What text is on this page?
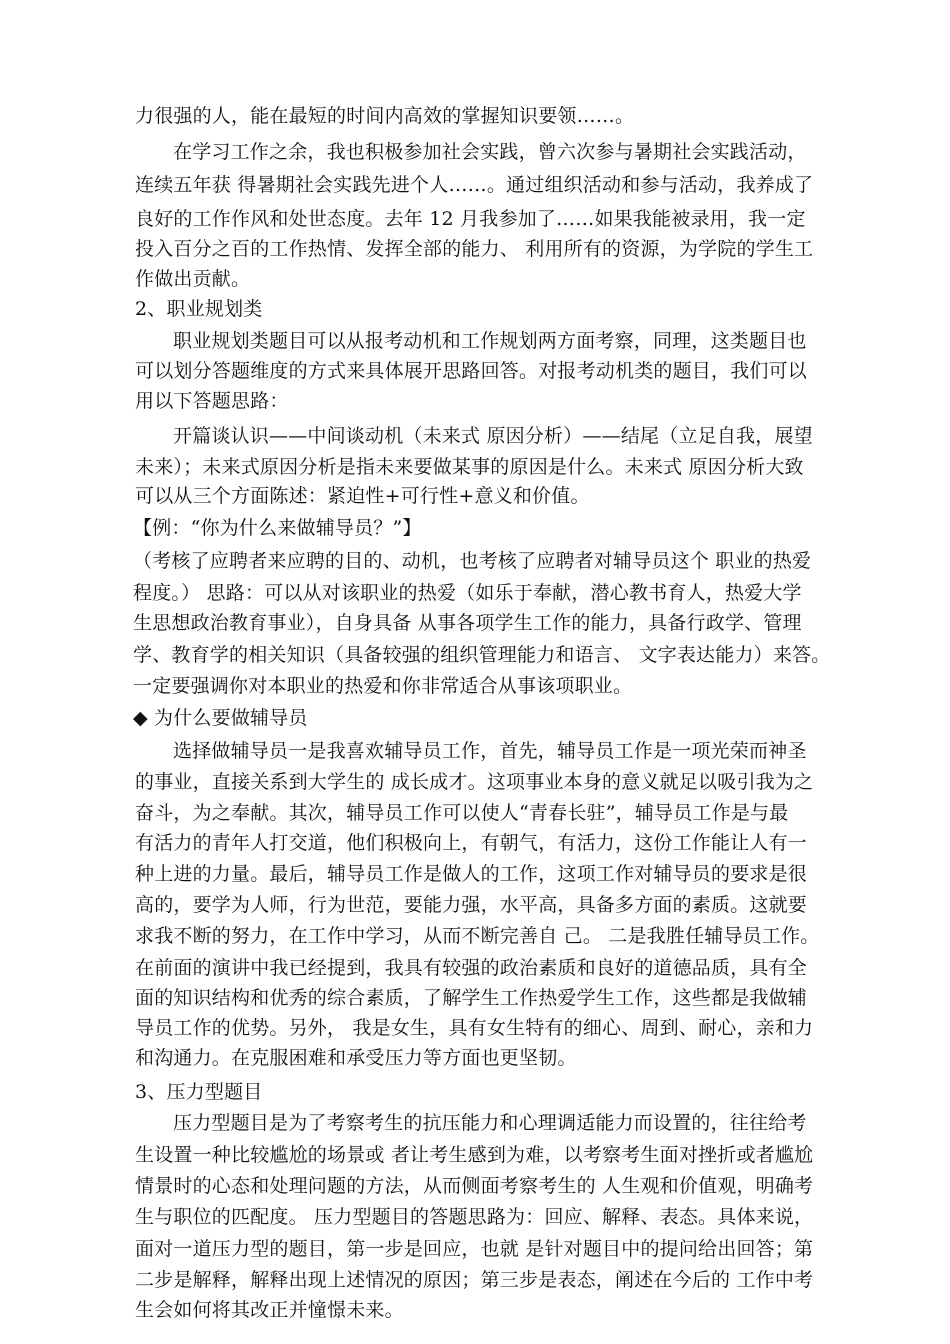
力很强的人，能在最短的时间内高效的掌握知识要领……。
在学习工作之余，我也积极参加社会实践，曾六次参与暑期社会实践活动，
连续五年获 得暑期社会实践先进个人……。通过组织活动和参与活动，我养成了
良好的工作作风和处世态度。去年 12 月我参加了……如果我能被录用，我一定
投入百分之百的工作热情、发挥全部的能力、 利用所有的资源，为学院的学生工
作做出贡献。
2、职业规划类
职业规划类题目可以从报考动机和工作规划两方面考察，同理，这类题目也
可以划分答题维度的方式来具体展开思路回答。对报考动机类的题目，我们可以
用以下答题思路：
开篇谈认识——中间谈动机（未来式 原因分析）——结尾（立足自我，展望
未来）；未来式原因分析是指未来要做某事的原因是什么。未来式 原因分析大致
可以从三个方面陈述：紧迫性+可行性+意义和价值。
【例：“你为什么来做辅导员？”】
（考核了应聘者来应聘的目的、动机，也考核了应聘者对辅导员这个 职业的热爱
程度。） 思路：可以从对该职业的热爱（如乐于奉献，潜心教书育人，热爱大学
生思想政治教育事业），自身具备 从事各项学生工作的能力，具备行政学、管理
学、教育学的相关知识（具备较强的组织管理能力和语言、 文字表达能力）来答。
一定要强调你对本职业的热爱和你非常适合从事该项职业。
◆ 为什么要做辅导员
选择做辅导员一是我喜欢辅导员工作，首先，辅导员工作是一项光荣而神圣
的事业，直接关系到大学生的 成长成才。这项事业本身的意义就足以吸引我为之
奋斗，为之奉献。其次，辅导员工作可以使人“青春长驻”，辅导员工作是与最
有活力的青年人打交道，他们积极向上，有朝气，有活力，这份工作能让人有一
种上进的力量。最后，辅导员工作是做人的工作，这项工作对辅导员的要求是很
高的，要学为人师，行为世范，要能力强，水平高，具备多方面的素质。这就要
求我不断的努力，在工作中学习，从而不断完善自 己。 二是我胜任辅导员工作。
在前面的演讲中我已经提到，我具有较强的政治素质和良好的道德品质，具有全
面的知识结构和优秀的综合素质，了解学生工作热爱学生工作，这些都是我做辅
导员工作的优势。另外， 我是女生，具有女生特有的细心、周到、耐心，亲和力
和沟通力。在克服困难和承受压力等方面也更坚韧。
3、压力型题目
压力型题目是为了考察考生的抗压能力和心理调适能力而设置的，往往给考
生设置一种比较尴尬的场景或 者让考生感到为难，以考察考生面对挫折或者尴尬
情景时的心态和处理问题的方法，从而侧面考察考生的 人生观和价值观，明确考
生与职位的匹配度。 压力型题目的答题思路为：回应、解释、表态。具体来说，
面对一道压力型的题目，第一步是回应，也就 是针对题目中的提问给出回答；第
二步是解释，解释出现上述情况的原因；第三步是表态，阐述在今后的 工作中考
生会如何将其改正并憧憬未来。
